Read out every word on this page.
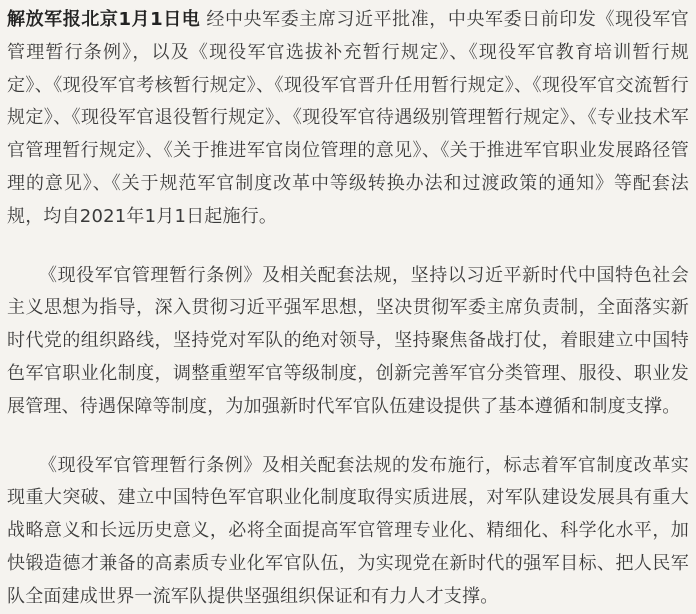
解放军报北京1月1日电 经中央军委主席习近平批准，中央军委日前印发《现役军官管理暂行条例》，以及《现役军官选拔补充暂行规定》、《现役军官教育培训暂行规定》、《现役军官考核暂行规定》、《现役军官晋升任用暂行规定》、《现役军官交流暂行规定》、《现役军官退役暂行规定》、《现役军官待遇级别管理暂行规定》、《专业技术军官管理暂行规定》、《关于推进军官岗位管理的意见》、《关于推进军官职业发展路径管理的意见》、《关于规范军官制度改革中等级转换办法和过渡政策的通知》等配套法规，均自2021年1月1日起施行。

《现役军官管理暂行条例》及相关配套法规，坚持以习近平新时代中国特色社会主义思想为指导，深入贯彻习近平强军思想，坚决贯彻军委主席负责制，全面落实新时代党的组织路线，坚持党对军队的绝对领导，坚持聚焦备战打仗，着眼建立中国特色军官职业化制度，调整重塑军官等级制度，创新完善军官分类管理、服役、职业发展管理、待遇保障等制度，为加强新时代军官队伍建设提供了基本遵循和制度支撑。

《现役军官管理暂行条例》及相关配套法规的发布施行，标志着军官制度改革实现重大突破、建立中国特色军官职业化制度取得实质进展，对军队建设发展具有重大战略意义和长远历史意义，必将全面提高军官管理专业化、精细化、科学化水平，加快锻造德才兼备的高素质专业化军官队伍，为实现党在新时代的强军目标、把人民军队全面建成世界一流军队提供坚强组织保证和有力人才支撑。
